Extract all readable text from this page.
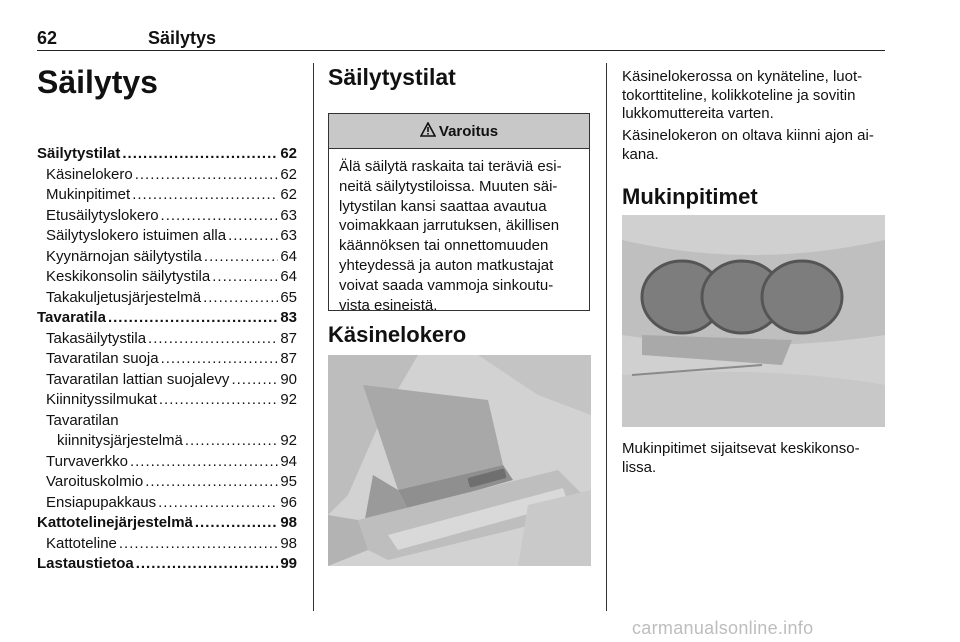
62	Säilytys
Säilytys
Säilytystilat .....	62
Käsinelokero .....	62
Mukinpitimet .....	62
Etusäilytyslokero .....	63
Säilytyslokero istuimen alla .....	63
Kyynärnojan säilytystila .....	64
Keskikonsolin säilytystila .....	64
Takakuljetusjärjestelmä .....	65
Tavaratila .....	83
Takasäilytystila .....	87
Tavaratilan suoja .....	87
Tavaratilan lattian suojalevy .....	90
Kiinnityssilmukat .....	92
Tavaratilan
kiinnitysjärjestelmä .....	92
Turvaverkko .....	94
Varoituskolmio .....	95
Ensiapupakkaus .....	96
Kattotelinejärjestelmä .....	98
Kattoteline .....	98
Lastaustietoa .....	99
Säilytystilat
Varoitus
Älä säilytä raskaita tai teräviä esi-neitä säilytystiloissa. Muuten säi-lytystilan kansi saattaa avautua voimakkaan jarrutuksen, äkillisen käännöksen tai onnettomuuden yhteydessä ja auton matkustajat voivat saada vammoja sinkoutu-vista esineistä.
Käsinelokero
Käsinelokerossa on kynäteline, luot-tokorttiteline, kolikkoteline ja sovitin lukkomuttereita varten.
Käsinelokeron on oltava kiinni ajon ai-kana.
Mukinpitimet
Mukinpitimet sijaitsevat keskikonso-lissa.
carmanualsonline.info
